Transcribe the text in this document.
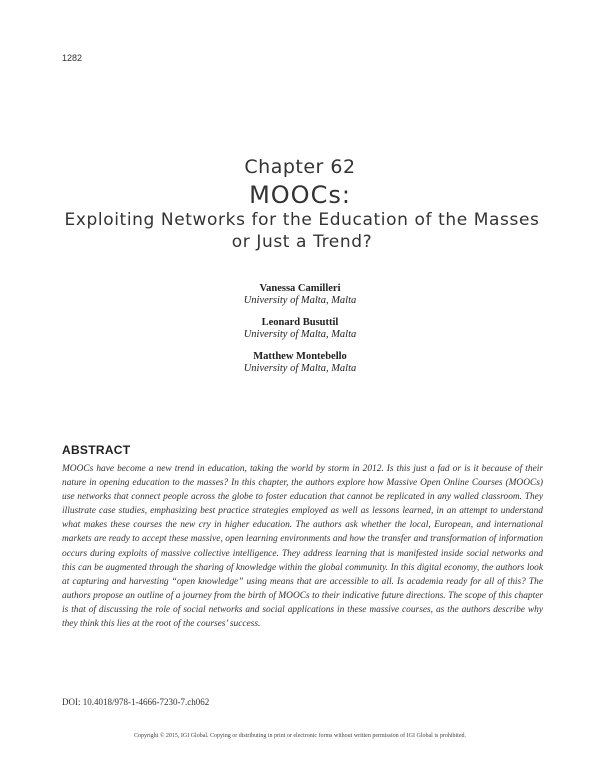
1282
Chapter 62
MOOCs:
Exploiting Networks for the Education of the Masses or Just a Trend?
Vanessa Camilleri
University of Malta, Malta
Leonard Busuttil
University of Malta, Malta
Matthew Montebello
University of Malta, Malta
ABSTRACT
MOOCs have become a new trend in education, taking the world by storm in 2012. Is this just a fad or is it because of their nature in opening education to the masses? In this chapter, the authors explore how Massive Open Online Courses (MOOCs) use networks that connect people across the globe to foster education that cannot be replicated in any walled classroom. They illustrate case studies, emphasizing best practice strategies employed as well as lessons learned, in an attempt to understand what makes these courses the new cry in higher education. The authors ask whether the local, European, and international markets are ready to accept these massive, open learning environments and how the transfer and transformation of information occurs during exploits of massive collective intelligence. They address learning that is manifested inside social networks and this can be augmented through the sharing of knowledge within the global community. In this digital economy, the authors look at capturing and harvesting “open knowledge” using means that are accessible to all. Is academia ready for all of this? The authors propose an outline of a journey from the birth of MOOCs to their indicative future directions. The scope of this chapter is that of discussing the role of social networks and social applications in these massive courses, as the authors describe why they think this lies at the root of the courses’ success.
DOI: 10.4018/978-1-4666-7230-7.ch062
Copyright © 2015, IGI Global. Copying or distributing in print or electronic forms without written permission of IGI Global is prohibited.
